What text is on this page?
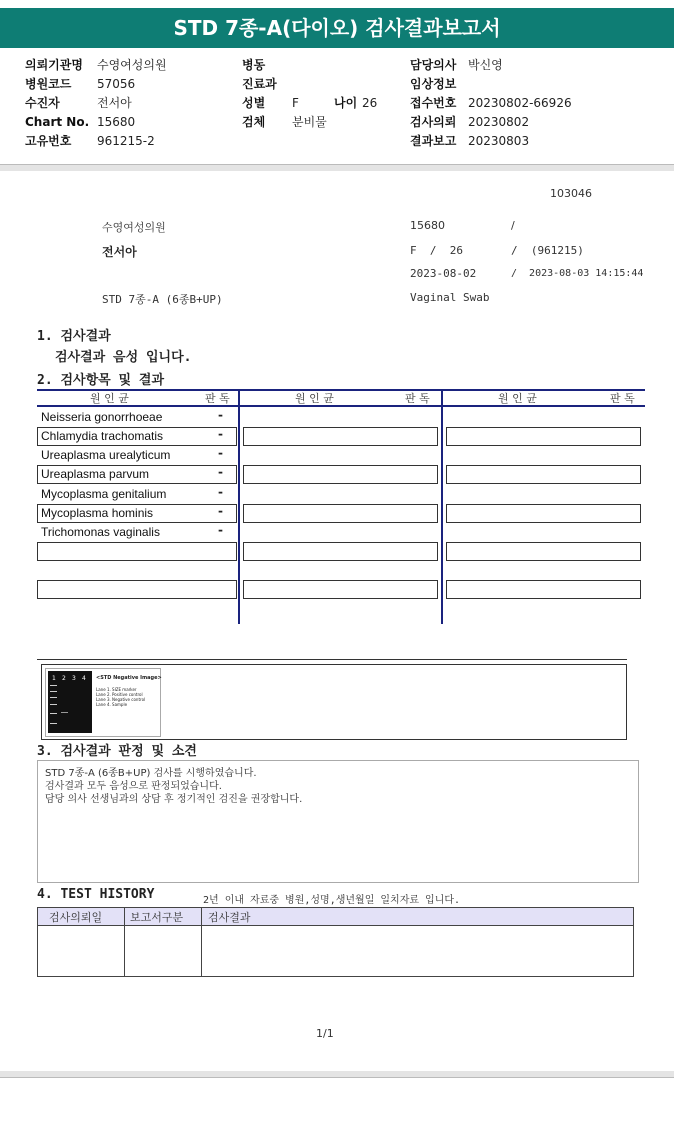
STD 7종-A(다이오) 검사결과보고서
의뢰기관명 수영여성의원
병원코드 57056
수진자	전서아
Chart No. 15680
고유번호 961215-2
병동
진료과
성별 F	나이 26
검체 분비물
담당의사 박신영
임상정보
접수번호 20230802-66926
검사의뢰 20230802
결과보고 20230803
103046
수영여성의원	15680	/
전서아	F  /  26	/  (961215)
2023-08-02	/  2023-08-03 14:15:44
STD 7종-A (6종B+UP)	Vaginal Swab
1. 검사결과
검사결과 음성 입니다.
2. 검사항목 및 결과
원 인 균	판 독	원 인 균	판 독	원 인 균	판 독
Neisseria gonorrhoeae	-
Chlamydia trachomatis	-
Ureaplasma urealyticum	-
Ureaplasma parvum	-
Mycoplasma genitalium	-
Mycoplasma hominis	-
Trichomonas vaginalis	-
1 2 3 4 <STD Negative Image>
Lane 1. SIZE marker
Lane 2. Positive control
Lane 3. Negative control
Lane 4. Sample
3. 검사결과 판정 및 소견
STD 7종-A (6종B+UP) 검사를 시행하였습니다.
검사결과 모두 음성으로 판정되었습니다.
담당 의사 선생님과의 상담 후 정기적인 검진을 권장합니다.
4. TEST HISTORY	2년 이내 자료중 병원,성명,생년월일 일치자료 입니다.
검사의뢰일	보고서구분 검사결과
1/1
